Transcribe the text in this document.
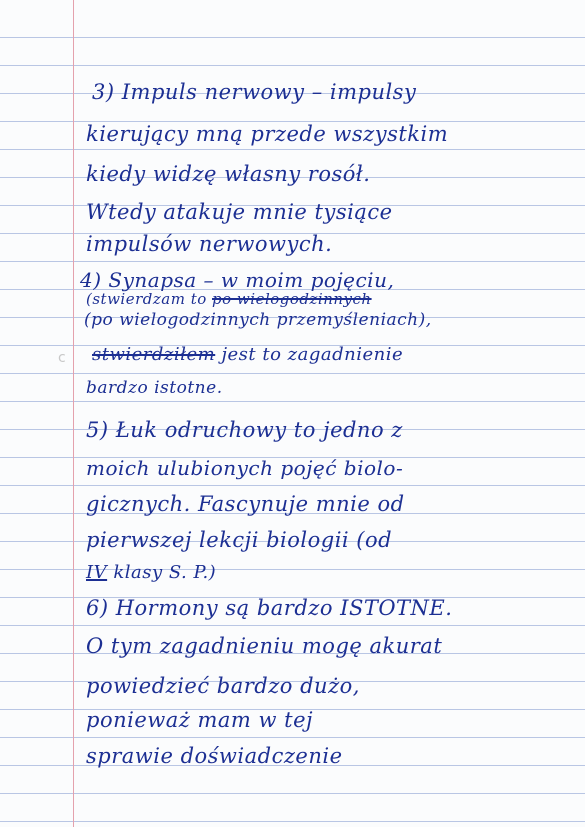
c
3) Impuls nerwowy – impulsy
kierujący mną przede wszystkim
kiedy widzę własny rosół.
Wtedy atakuje mnie tysiące
impulsów nerwowych.
4) Synapsa – w moim pojęciu,
(stwierdzam to po wielogodzinnych
(po wielogodzinnych przemyśleniach),
stwierdziłem jest to zagadnienie
bardzo istotne.
5) Łuk odruchowy to jedno z
moich ulubionych pojęć biolo-
gicznych. Fascynuje mnie od
pierwszej lekcji biologii (od
IV klasy S. P.)
6) Hormony są bardzo ISTOTNE.
O tym zagadnieniu mogę akurat
powiedzieć bardzo dużo,
ponieważ mam w tej
sprawie doświadczenie
